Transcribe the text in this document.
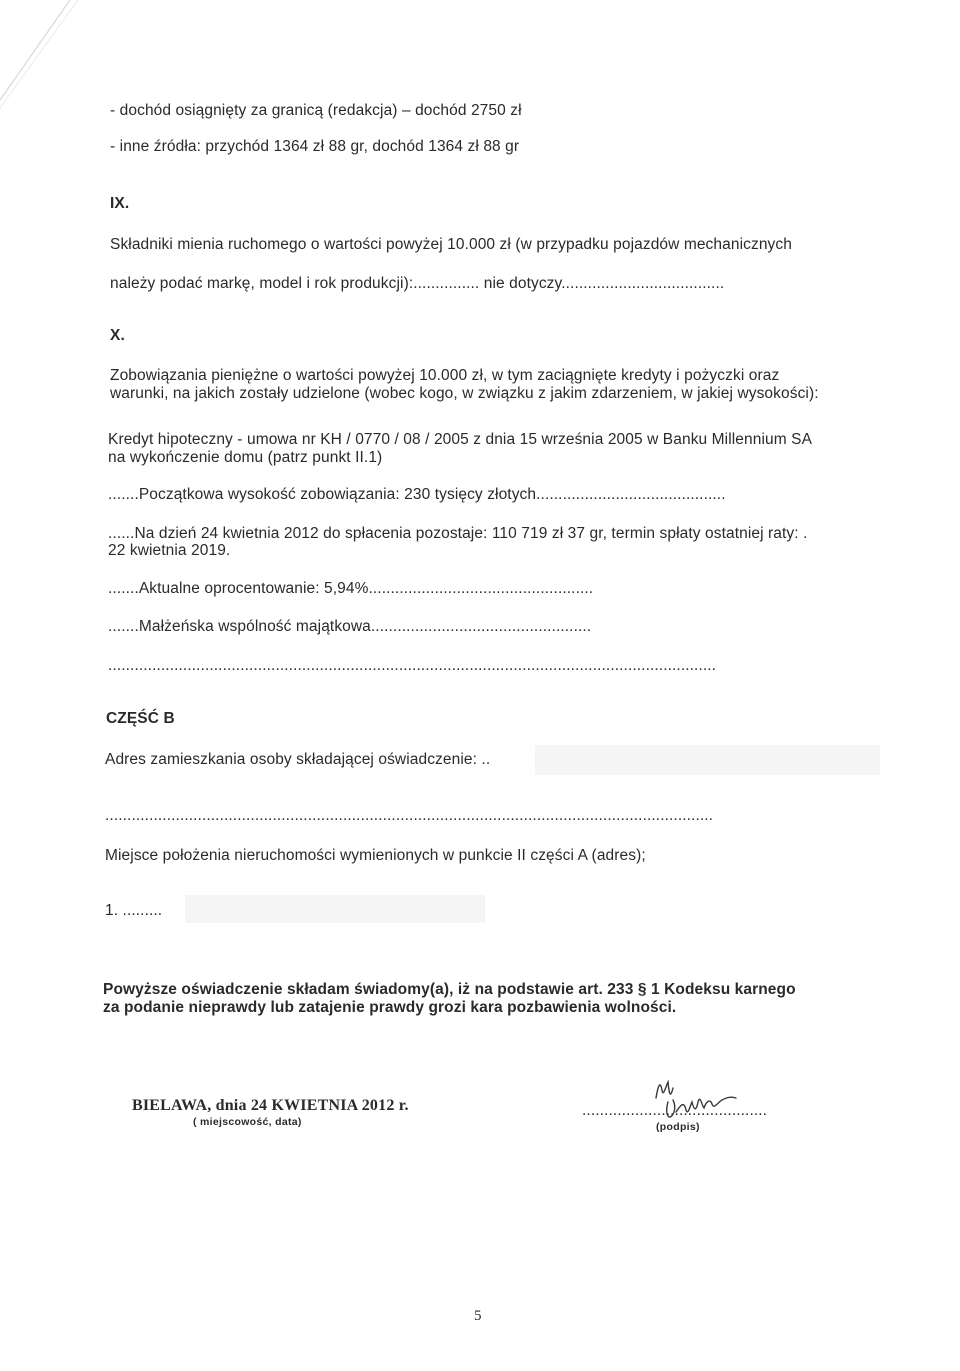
- dochód osiągnięty za granicą (redakcja) – dochód 2750 zł
- inne źródła: przychód 1364 zł 88 gr, dochód 1364 zł 88 gr
IX.
Składniki mienia ruchomego o wartości powyżej 10.000 zł (w przypadku pojazdów mechanicznych
należy podać markę, model i rok produkcji):............... nie dotyczy.....................................
X.
Zobowiązania pieniężne o wartości powyżej 10.000 zł, w tym zaciągnięte kredyty i pożyczki oraz
warunki, na jakich zostały udzielone (wobec kogo, w związku z jakim zdarzeniem, w jakiej wysokości):
Kredyt hipoteczny - umowa nr KH / 0770 / 08 / 2005 z dnia 15 września 2005 w Banku Millennium SA
na wykończenie domu (patrz punkt II.1)
.......Początkowa wysokość zobowiązania: 230 tysięcy złotych...........................................
......Na dzień 24 kwietnia 2012 do spłacenia pozostaje: 110 719 zł 37 gr, termin spłaty ostatniej raty: .
22 kwietnia 2019.
.......Aktualne oprocentowanie: 5,94%...................................................
.......Małżeńska wspólność majątkowa..................................................
..........................................................................................................................................
CZĘŚĆ B
Adres zamieszkania osoby składającej oświadczenie: ..
..........................................................................................................................................
Miejsce położenia nieruchomości wymienionych w punkcie II części A (adres);
1. .........
Powyższe oświadczenie składam świadomy(a), iż na podstawie art. 233 § 1 Kodeksu karnego
za podanie nieprawdy lub zatajenie prawdy grozi kara pozbawienia wolności.
BIELAWA, dnia 24 KWIETNIA 2012 r.
( miejscowość, data)
..........................................
(podpis)
5
